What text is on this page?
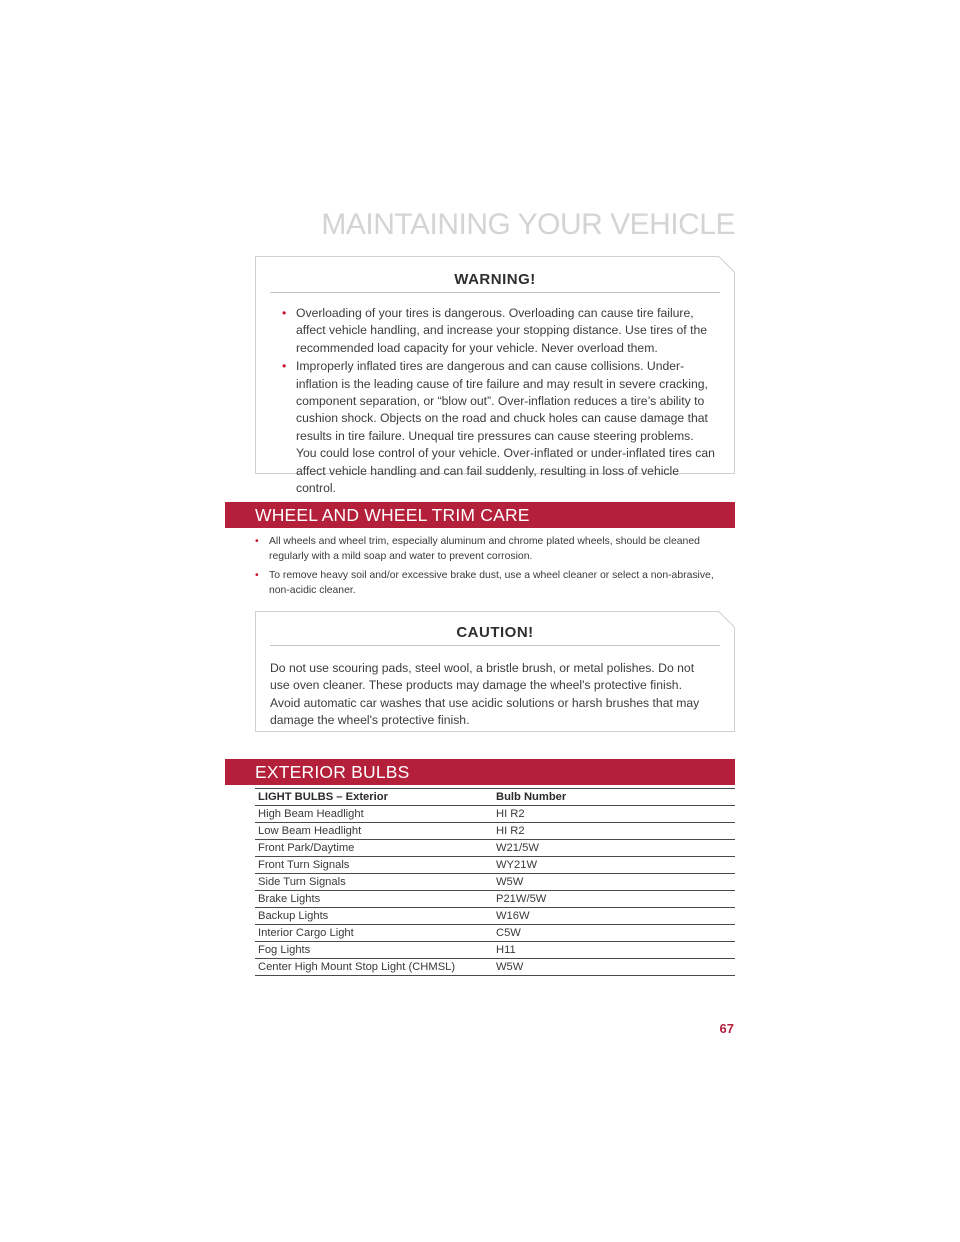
MAINTAINING YOUR VEHICLE
WARNING!
• Overloading of your tires is dangerous. Overloading can cause tire failure, affect vehicle handling, and increase your stopping distance. Use tires of the recommended load capacity for your vehicle. Never overload them.
• Improperly inflated tires are dangerous and can cause collisions. Under-inflation is the leading cause of tire failure and may result in severe cracking, component separation, or “blow out”. Over-inflation reduces a tire’s ability to cushion shock. Objects on the road and chuck holes can cause damage that results in tire failure. Unequal tire pressures can cause steering problems. You could lose control of your vehicle. Over-inflated or under-inflated tires can affect vehicle handling and can fail suddenly, resulting in loss of vehicle control.
WHEEL AND WHEEL TRIM CARE
• All wheels and wheel trim, especially aluminum and chrome plated wheels, should be cleaned regularly with a mild soap and water to prevent corrosion.
• To remove heavy soil and/or excessive brake dust, use a wheel cleaner or select a non-abrasive, non-acidic cleaner.
CAUTION!
Do not use scouring pads, steel wool, a bristle brush, or metal polishes. Do not use oven cleaner. These products may damage the wheel's protective finish. Avoid automatic car washes that use acidic solutions or harsh brushes that may damage the wheel's protective finish.
EXTERIOR BULBS
LIGHT BULBS – Exterior	Bulb Number
High Beam Headlight	HI R2
Low Beam Headlight	HI R2
Front Park/Daytime	W21/5W
Front Turn Signals	WY21W
Side Turn Signals	W5W
Brake Lights	P21W/5W
Backup Lights	W16W
Interior Cargo Light	C5W
Fog Lights	H11
Center High Mount Stop Light (CHMSL)	W5W
67
